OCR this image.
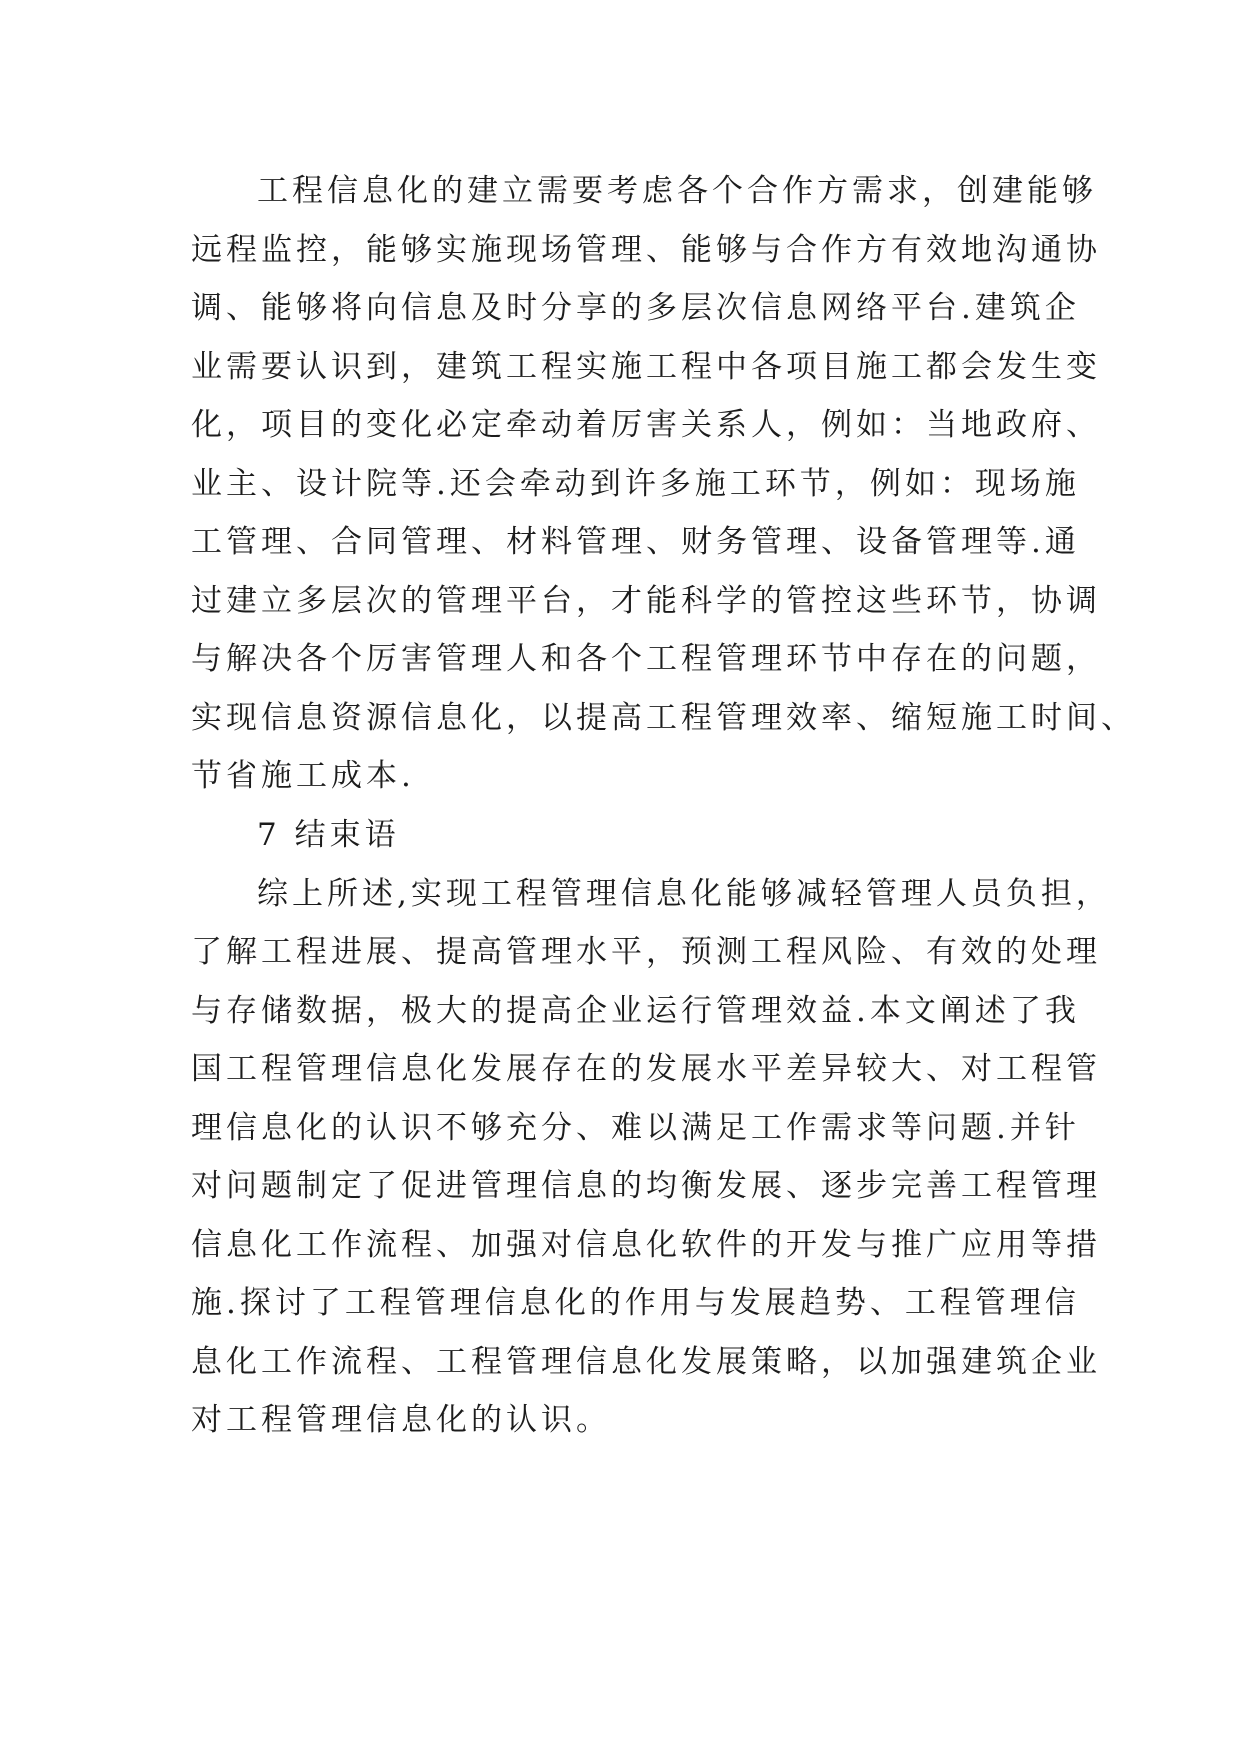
工程信息化的建立需要考虑各个合作方需求，创建能够
远程监控，能够实施现场管理、能够与合作方有效地沟通协
调、能够将向信息及时分享的多层次信息网络平台.建筑企
业需要认识到，建筑工程实施工程中各项目施工都会发生变
化，项目的变化必定牵动着厉害关系人，例如：当地政府、
业主、设计院等.还会牵动到许多施工环节，例如：现场施
工管理、合同管理、材料管理、财务管理、设备管理等.通
过建立多层次的管理平台，才能科学的管控这些环节，协调
与解决各个厉害管理人和各个工程管理环节中存在的问题，
实现信息资源信息化，以提高工程管理效率、缩短施工时间、
节省施工成本.
7 结束语
综上所述,实现工程管理信息化能够减轻管理人员负担，
了解工程进展、提高管理水平，预测工程风险、有效的处理
与存储数据，极大的提高企业运行管理效益.本文阐述了我
国工程管理信息化发展存在的发展水平差异较大、对工程管
理信息化的认识不够充分、难以满足工作需求等问题.并针
对问题制定了促进管理信息的均衡发展、逐步完善工程管理
信息化工作流程、加强对信息化软件的开发与推广应用等措
施.探讨了工程管理信息化的作用与发展趋势、工程管理信
息化工作流程、工程管理信息化发展策略，以加强建筑企业
对工程管理信息化的认识。
